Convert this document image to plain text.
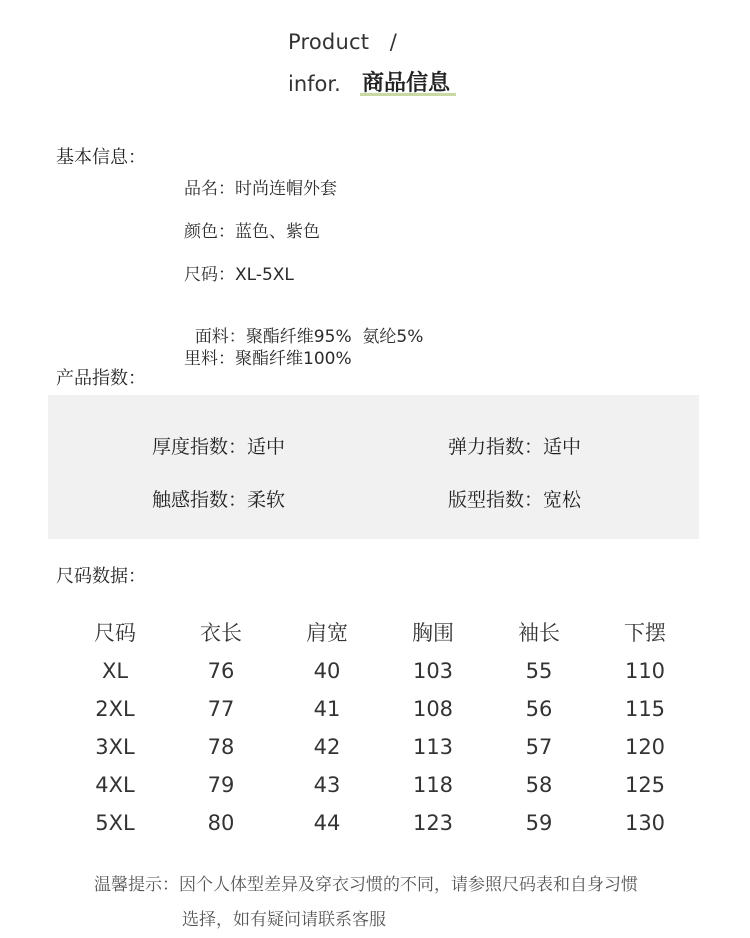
Product   /
infor. 商品信息
基本信息：
品名：时尚连帽外套
颜色：蓝色、紫色
尺码：XL-5XL

面料：聚酯纤维95%  氨纶5%

里料：聚酯纤维100%
产品指数：
厚度指数：适中	弹力指数：适中
触感指数：柔软	版型指数：宽松
尺码数据：
尺码	衣长	肩宽	胸围	袖长	下摆
XL	76	40	103	55	110
2XL	77	41	108	56	115
3XL	78	42	113	57	120
4XL	79	43	118	58	125
5XL	80	44	123	59	130
温馨提示：因个人体型差异及穿衣习惯的不同，请参照尺码表和自身习惯
选择，如有疑问请联系客服
